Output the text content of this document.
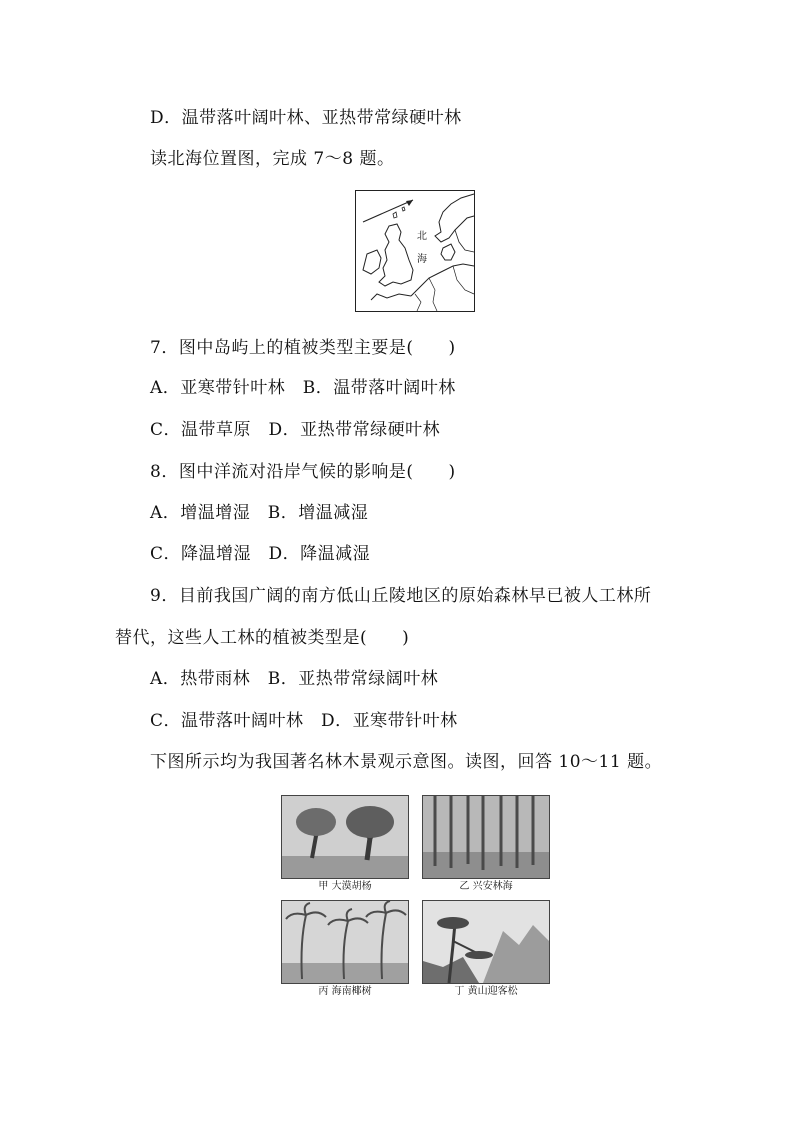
D．温带落叶阔叶林、亚热带常绿硬叶林
读北海位置图，完成 7～8 题。
北
海
7．图中岛屿上的植被类型主要是(　　)
A．亚寒带针叶林　B．温带落叶阔叶林
C．温带草原　D．亚热带常绿硬叶林
8．图中洋流对沿岸气候的影响是(　　)
A．增温增湿　B．增温减湿
C．降温增湿　D．降温减湿
9．目前我国广阔的南方低山丘陵地区的原始森林早已被人工林所
替代，这些人工林的植被类型是(　　)
A．热带雨林　B．亚热带常绿阔叶林
C．温带落叶阔叶林　D．亚寒带针叶林
下图所示均为我国著名林木景观示意图。读图，回答 10～11 题。
甲 大漠胡杨	乙 兴安林海
丙 海南椰树	丁 黄山迎客松
